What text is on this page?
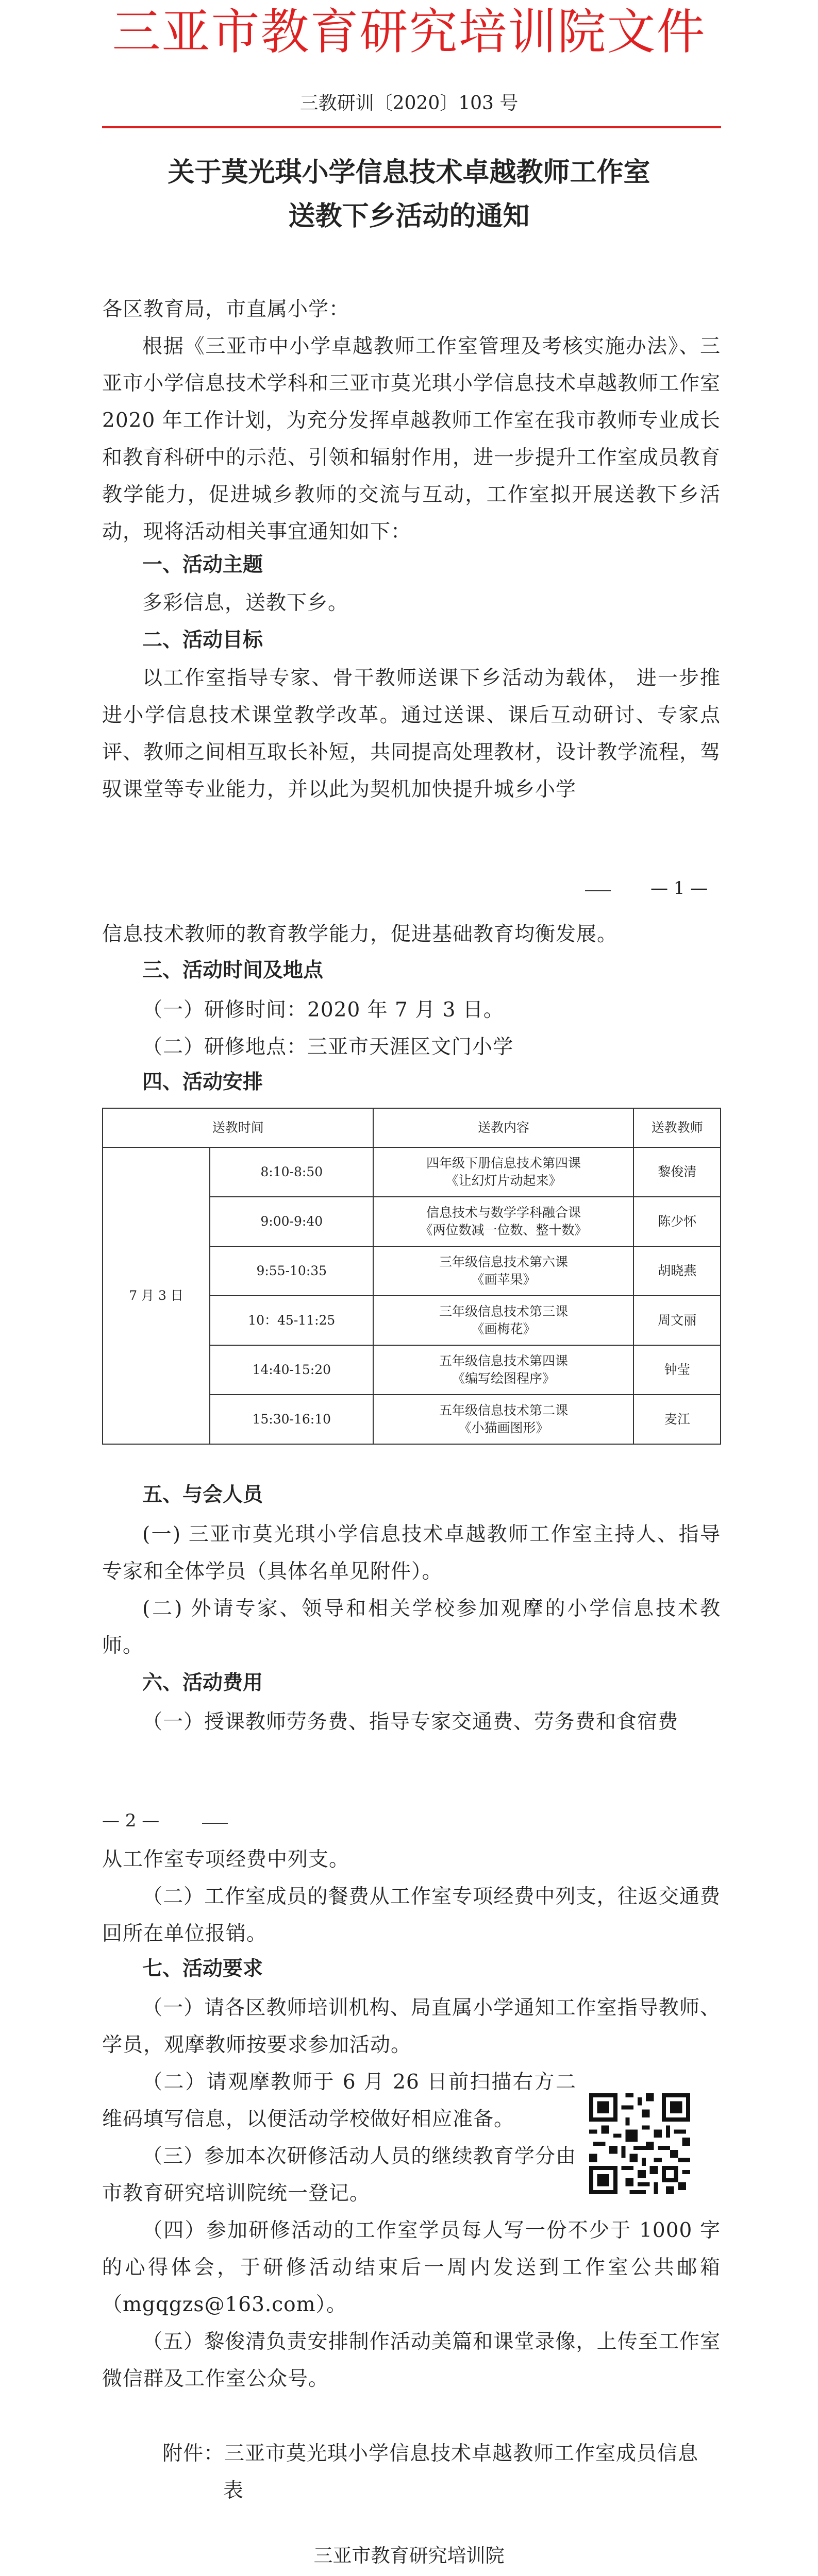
三亚市教育研究培训院文件
三教研训〔2020〕103 号
关于莫光琪小学信息技术卓越教师工作室
送教下乡活动的通知

各区教育局，市直属小学：

根据《三亚市中小学卓越教师工作室管理及考核实施办法》、三亚市小学信息技术学科和三亚市莫光琪小学信息技术卓越教师工作室 2020 年工作计划，为充分发挥卓越教师工作室在我市教师专业成长和教育科研中的示范、引领和辐射作用，进一步提升工作室成员教育教学能力，促进城乡教师的交流与互动，工作室拟开展送教下乡活动，现将活动相关事宜通知如下：

一、活动主题

多彩信息，送教下乡。

二、活动目标

以工作室指导专家、骨干教师送课下乡活动为载体， 进一步推进小学信息技术课堂教学改革。通过送课、课后互动研讨、专家点评、教师之间相互取长补短，共同提高处理教材，设计教学流程，驾驭课堂等专业能力，并以此为契机加快提升城乡小学

— 1 —

信息技术教师的教育教学能力，促进基础教育均衡发展。

三、活动时间及地点

（一）研修时间：2020 年 7 月 3 日。

（二）研修地点：三亚市天涯区文门小学

四、活动安排

送教时间		送教内容	送教教师
7 月 3 日	8:10-8:50	四年级下册信息技术第四课
《让幻灯片动起来》	黎俊清
	9:00-9:40	信息技术与数学学科融合课
《两位数减一位数、整十数》	陈少怀
	9:55-10:35	三年级信息技术第六课
《画苹果》	胡晓燕
	10：45-11:25	三年级信息技术第三课
《画梅花》	周文丽
	14:40-15:20	五年级信息技术第四课
《编写绘图程序》	钟莹
	15:30-16:10	五年级信息技术第二课
《小猫画图形》	麦江

五、与会人员

(一) 三亚市莫光琪小学信息技术卓越教师工作室主持人、指导专家和全体学员（具体名单见附件）。

(二) 外请专家、领导和相关学校参加观摩的小学信息技术教师。

六、活动费用

（一）授课教师劳务费、指导专家交通费、劳务费和食宿费

— 2 —

从工作室专项经费中列支。

（二）工作室成员的餐费从工作室专项经费中列支，往返交通费回所在单位报销。

七、活动要求

（一）请各区教师培训机构、局直属小学通知工作室指导教师、学员，观摩教师按要求参加活动。

（二）请观摩教师于 6 月 26 日前扫描右方二维码填写信息，以便活动学校做好相应准备。

（三）参加本次研修活动人员的继续教育学分由市教育研究培训院统一登记。

（四）参加研修活动的工作室学员每人写一份不少于 1000 字的心得体会，于研修活动结束后一周内发送到工作室公共邮箱（mgqgzs@163.com）。

（五）黎俊清负责安排制作活动美篇和课堂录像，上传至工作室微信群及工作室公众号。

附件：三亚市莫光琪小学信息技术卓越教师工作室成员信息

表

三亚市教育研究培训院
